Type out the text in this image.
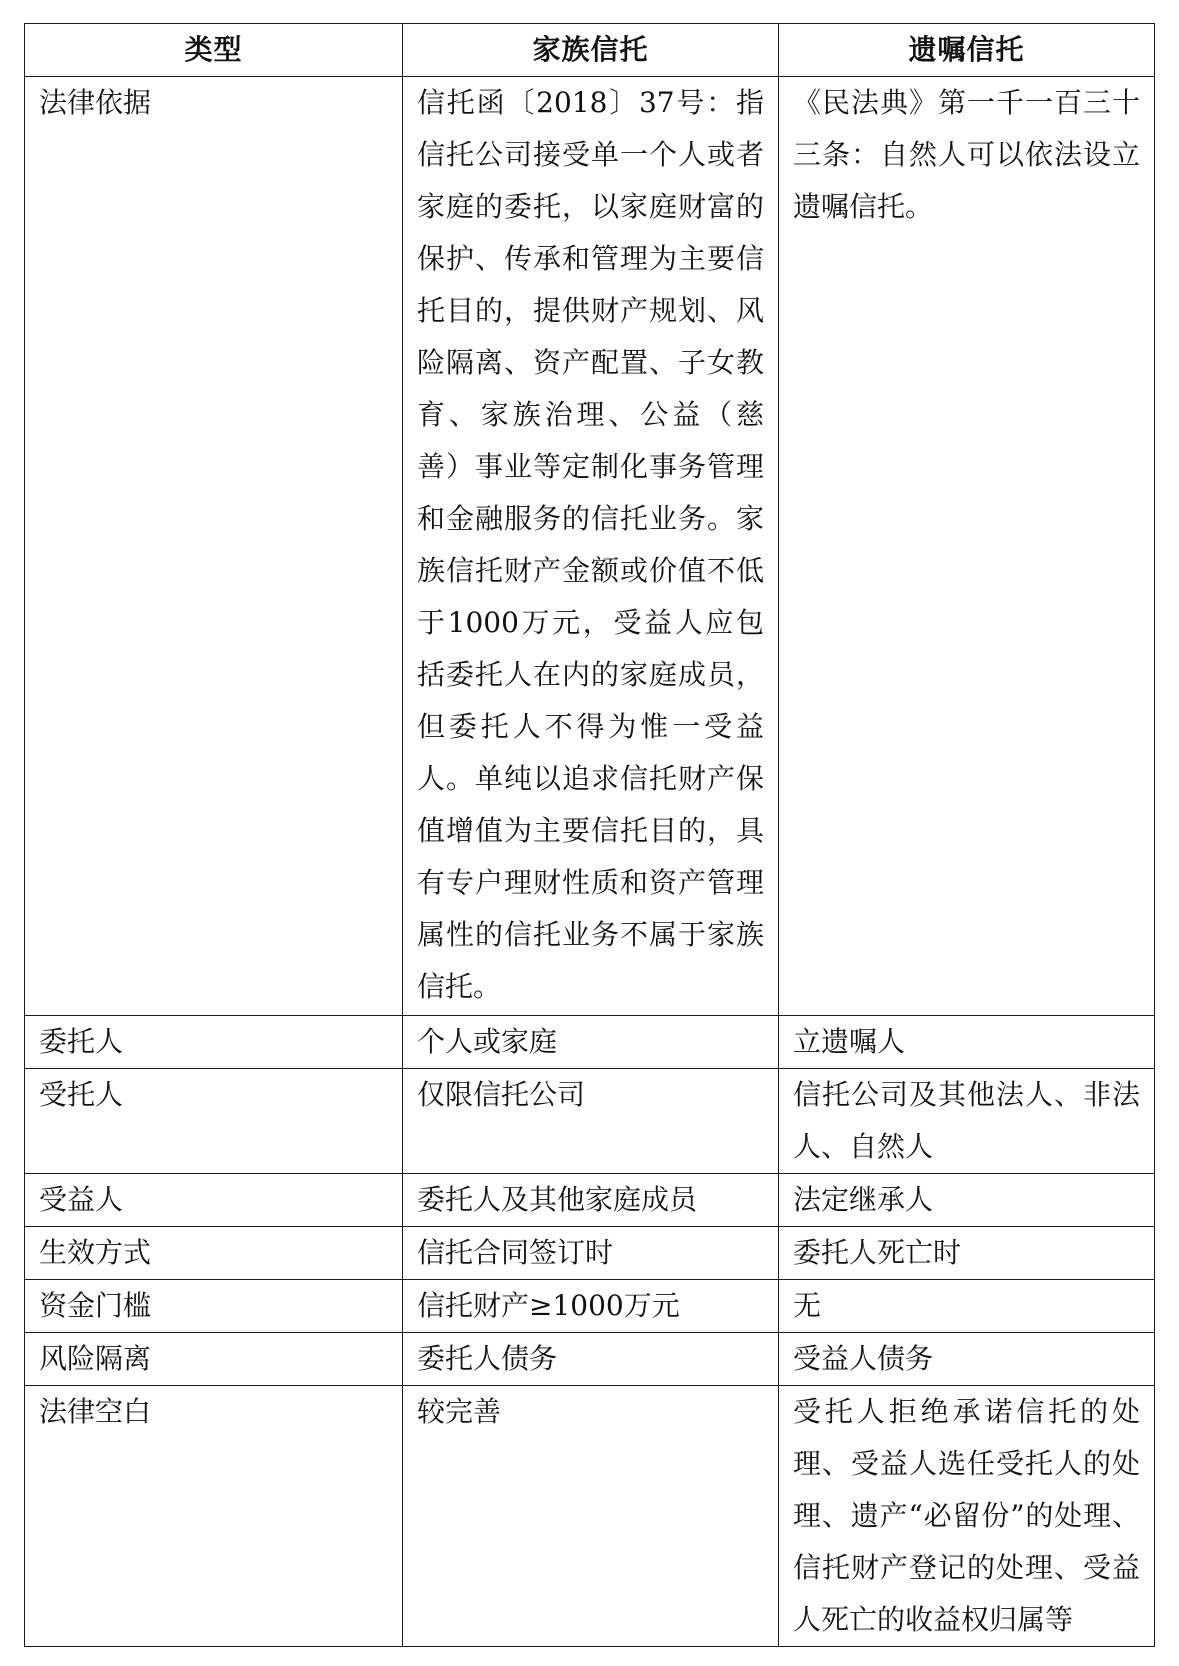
类型	家族信托	遗嘱信托
法律依据	信托函〔2018〕37号：指信托公司接受单一个人或者家庭的委托，以家庭财富的保护、传承和管理为主要信托目的，提供财产规划、风险隔离、资产配置、子女教育、家族治理、公益（慈善）事业等定制化事务管理和金融服务的信托业务。家族信托财产金额或价值不低于1000万元，受益人应包括委托人在内的家庭成员，但委托人不得为惟一受益人。单纯以追求信托财产保值增值为主要信托目的，具有专户理财性质和资产管理属性的信托业务不属于家族信托。	《民法典》第一千一百三十三条：自然人可以依法设立遗嘱信托。
委托人	个人或家庭	立遗嘱人
受托人	仅限信托公司	信托公司及其他法人、非法人、自然人
受益人	委托人及其他家庭成员	法定继承人
生效方式	信托合同签订时	委托人死亡时
资金门槛	信托财产≥1000万元	无
风险隔离	委托人债务	受益人债务
法律空白	较完善	受托人拒绝承诺信托的处理、受益人选任受托人的处理、遗产“必留份”的处理、信托财产登记的处理、受益人死亡的收益权归属等
